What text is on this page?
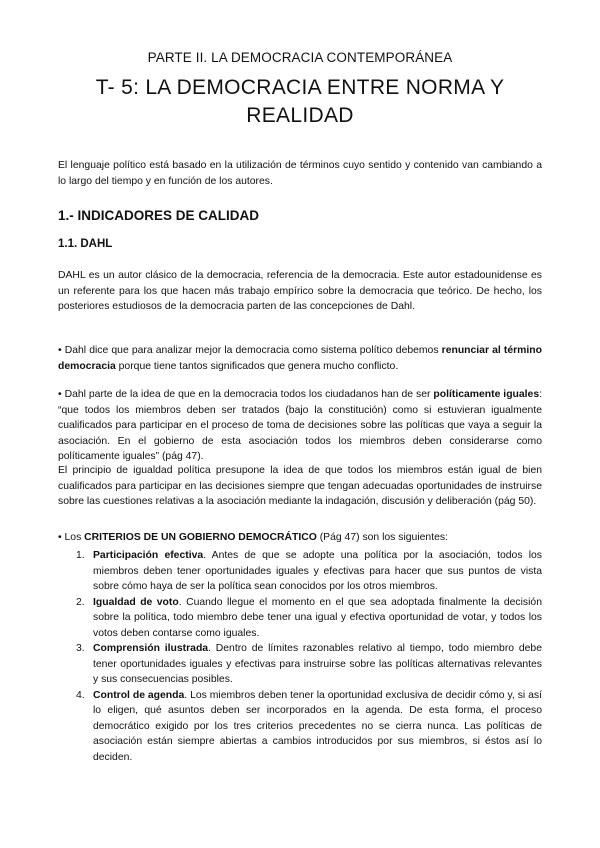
PARTE II. LA DEMOCRACIA CONTEMPORÁNEA
T- 5: LA DEMOCRACIA ENTRE NORMA Y
REALIDAD

El lenguaje político está basado en la utilización de términos cuyo sentido y contenido van cambiando a lo largo del tiempo y en función de los autores.

1.- INDICADORES DE CALIDAD
1.1. DAHL

DAHL es un autor clásico de la democracia, referencia de la democracia. Este autor estadounidense es un referente para los que hacen más trabajo empírico sobre la democracia que teórico. De hecho, los posteriores estudiosos de la democracia parten de las concepciones de Dahl.

• Dahl dice que para analizar mejor la democracia como sistema político debemos renunciar al término democracia porque tiene tantos significados que genera mucho conflicto.

• Dahl parte de la idea de que en la democracia todos los ciudadanos han de ser políticamente iguales: “que todos los miembros deben ser tratados (bajo la constitución) como si estuvieran igualmente cualificados para participar en el proceso de toma de decisiones sobre las políticas que vaya a seguir la asociación. En el gobierno de esta asociación todos los miembros deben considerarse como políticamente iguales” (pág 47).

El principio de igualdad política presupone la idea de que todos los miembros están igual de bien cualificados para participar en las decisiones siempre que tengan adecuadas oportunidades de instruirse sobre las cuestiones relativas a la asociación mediante la indagación, discusión y deliberación (pág 50).

• Los CRITERIOS DE UN GOBIERNO DEMOCRÁTICO (Pág 47) son los siguientes:

1. Participación efectiva. Antes de que se adopte una política por la asociación, todos los miembros deben tener oportunidades iguales y efectivas para hacer que sus puntos de vista sobre cómo haya de ser la política sean conocidos por los otros miembros.
2. Igualdad de voto. Cuando llegue el momento en el que sea adoptada finalmente la decisión sobre la política, todo miembro debe tener una igual y efectiva oportunidad de votar, y todos los votos deben contarse como iguales.
3. Comprensión ilustrada. Dentro de límites razonables relativo al tiempo, todo miembro debe tener oportunidades iguales y efectivas para instruirse sobre las políticas alternativas relevantes y sus consecuencias posibles.
4. Control de agenda. Los miembros deben tener la oportunidad exclusiva de decidir cómo y, si así lo eligen, qué asuntos deben ser incorporados en la agenda. De esta forma, el proceso democrático exigido por los tres criterios precedentes no se cierra nunca. Las políticas de asociación están siempre abiertas a cambios introducidos por sus miembros, si éstos así lo deciden.
